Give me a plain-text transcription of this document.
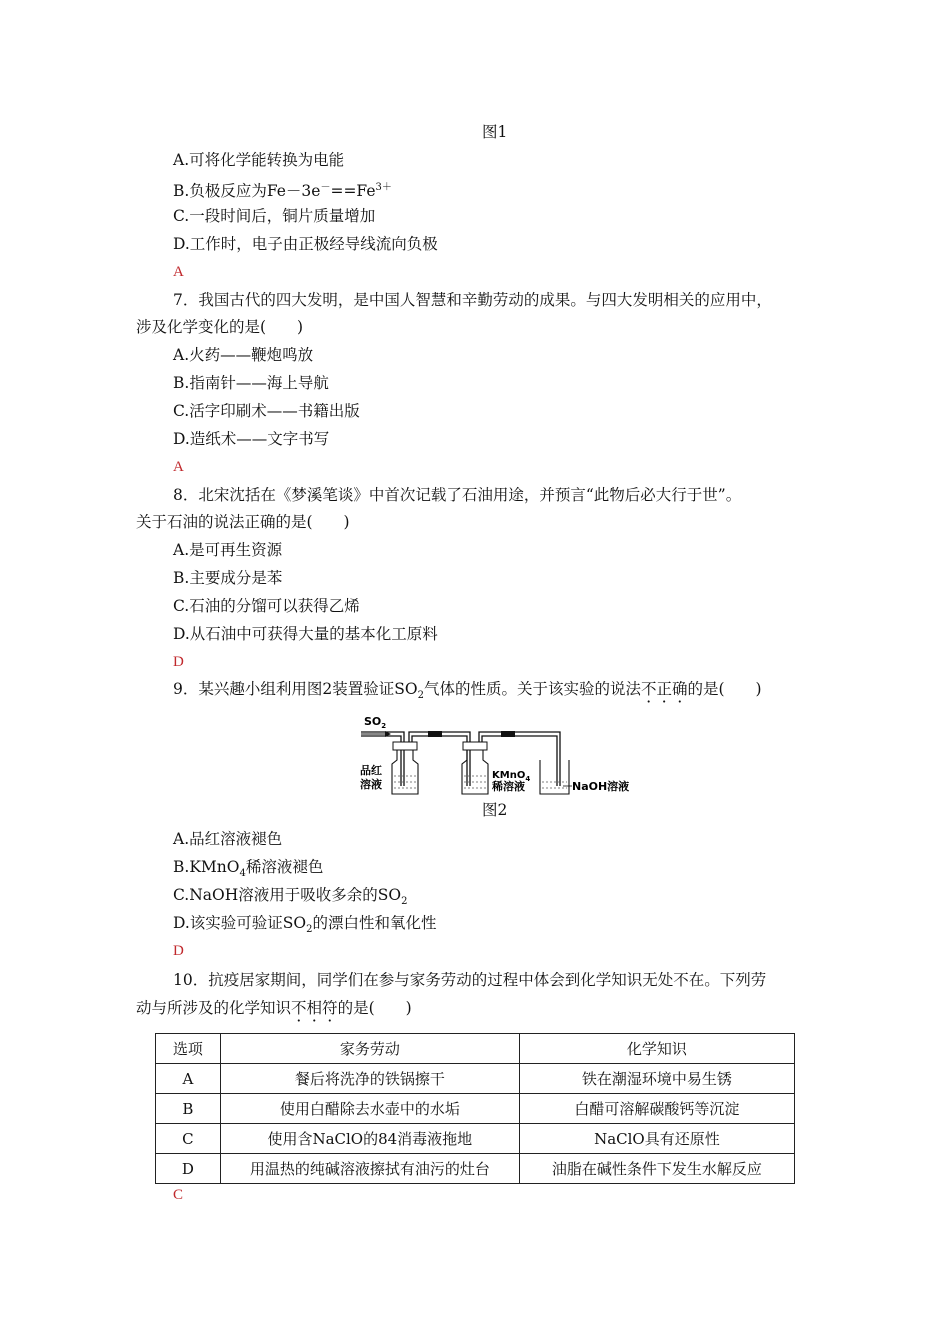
图1
A.可将化学能转换为电能
B.负极反应为$Fe-3e^-==Fe^{3+}$
C.一段时间后，铜片质量增加
D.工作时，电子由正极经导线流向负极
A
7．我国古代的四大发明，是中国人智慧和辛勤劳动的成果。与四大发明相关的应用中，
涉及化学变化的是(　　)
A.火药——鞭炮鸣放
B.指南针——海上导航
C.活字印刷术——书籍出版
D.造纸术——文字书写
A
8．北宋沈括在《梦溪笔谈》中首次记载了石油用途，并预言“此物后必大行于世”。
关于石油的说法正确的是(　　)
A.是可再生资源
B.主要成分是苯
C.石油的分馏可以获得乙烯
D.从石油中可获得大量的基本化工原料
D
9．某兴趣小组利用图2装置验证$SO_2$气体的性质。关于该实验的说法不正确的是(　　)
$SO_2$
品红
溶液
KMnO$_4$
稀溶液	NaOH溶液
图2
A.品红溶液褪色
B.KMnO$_4$稀溶液褪色
C.NaOH溶液用于吸收多余的$SO_2$
D.该实验可验证$SO_2$的漂白性和氧化性
D
10．抗疫居家期间，同学们在参与家务劳动的过程中体会到化学知识无处不在。下列劳
动与所涉及的化学知识不相符的是(　　)
选项	家务劳动	化学知识
A	餐后将洗净的铁锅擦干	铁在潮湿环境中易生锈
B	使用白醋除去水壶中的水垢	白醋可溶解碳酸钙等沉淀
C	使用含NaClO的84消毒液拖地	NaClO具有还原性
D	用温热的纯碱溶液擦拭有油污的灶台	油脂在碱性条件下发生水解反应
C
